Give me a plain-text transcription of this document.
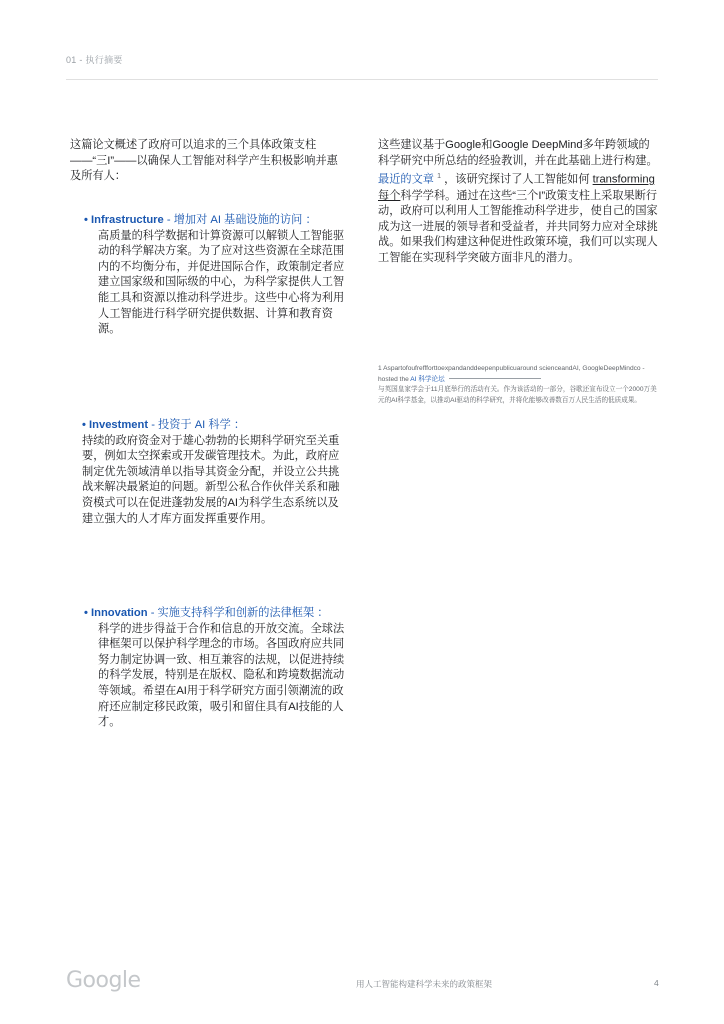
01 - 执行摘要

这篇论文概述了政府可以追求的三个具体政策支柱——“三I”——以确保人工智能对科学产生积极影响并惠及所有人：

• Infrastructure - 增加对 AI 基础设施的访问 ：
高质量的科学数据和计算资源可以解锁人工智能驱动的科学解决方案。为了应对这些资源在全球范围内的不均衡分布，并促进国际合作，政策制定者应建立国家级和国际级的中心，为科学家提供人工智能工具和资源以推动科学进步。这些中心将为利用人工智能进行科学研究提供数据、计算和教育资源。
• Investment - 投资于 AI 科学 ：
持续的政府资金对于雄心勃勃的长期科学研究至关重要，例如太空探索或开发碳管理技术。为此，政府应制定优先领域清单以指导其资金分配，并设立公共挑战来解决最紧迫的问题。新型公私合作伙伴关系和融资模式可以在促进蓬勃发展的AI为科学生态系统以及建立强大的人才库方面发挥重要作用。
• Innovation - 实施支持科学和创新的法律框架 ：
科学的进步得益于合作和信息的开放交流。全球法律框架可以保护科学理念的市场。各国政府应共同努力制定协调一致、相互兼容的法规，以促进持续的科学发展，特别是在版权、隐私和跨境数据流动等领域。希望在AI用于科学研究方面引领潮流的政府还应制定移民政策，吸引和留住具有AI技能的人才。

这些建议基于Google和Google DeepMind多年跨领域的科学研究中所总结的经验教训，并在此基础上进行构建。 最近的文章 $^1$ ，该研究探讨了人工智能如何 transforming 每个科学学科。通过在这些“三个I”政策支柱上采取果断行动，政府可以利用人工智能推动科学进步，使自己的国家成为这一进展的领导者和受益者，并共同努力应对全球挑战。如果我们构建这种促进性政策环境，我们可以实现人工智能在实现科学突破方面非凡的潜力。

1 Aspartofoufreffforttoexpandanddeepenpublicuaround scienceandAI, GooglеDeepMindco - hosted the AI 科学论坛
与英国皇家学会于11月底举行的活动有关。作为该活动的一部分，谷歌还宣布设立一个2000万美元的AI科学基金，以推动AI驱动的科学研究，并将化能够改善数百万人民生活的低质成果。
Google	用人工智能构建科学未来的政策框架	4
